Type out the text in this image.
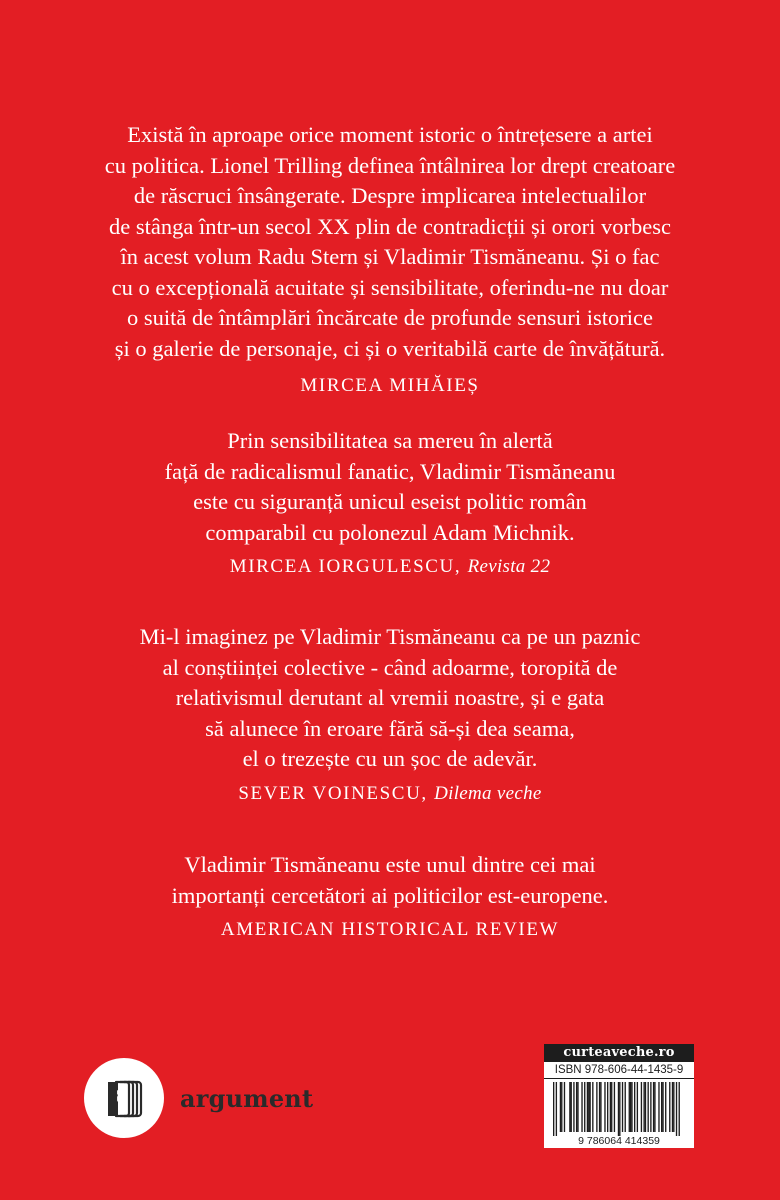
Există în aproape orice moment istoric o întrețesere a artei
cu politica. Lionel Trilling definea întâlnirea lor drept creatoare
de răscruci însângerate. Despre implicarea intelectualilor
de stânga într-un secol XX plin de contradicții și orori vorbesc
în acest volum Radu Stern și Vladimir Tismăneanu. Și o fac
cu o excepțională acuitate și sensibilitate, oferindu-ne nu doar
o suită de întâmplări încărcate de profunde sensuri istorice
și o galerie de personaje, ci și o veritabilă carte de învățătură.

MIRCEA MIHĂIEȘ

Prin sensibilitatea sa mereu în alertă
față de radicalismul fanatic, Vladimir Tismăneanu
este cu siguranță unicul eseist politic român
comparabil cu polonezul Adam Michnik.

MIRCEA IORGULESCU, Revista 22

Mi-l imaginez pe Vladimir Tismăneanu ca pe un paznic
al conștiinței colective - când adoarme, toropită de
relativismul derutant al vremii noastre, și e gata
să alunece în eroare fără să-și dea seama,
el o trezește cu un șoc de adevăr.

SEVER VOINESCU, Dilema veche

Vladimir Tismăneanu este unul dintre cei mai
importanți cercetători ai politicilor est-europene.

AMERICAN HISTORICAL REVIEW
argument
curteaveche.ro
ISBN 978-606-44-1435-9
9 786064 414359
